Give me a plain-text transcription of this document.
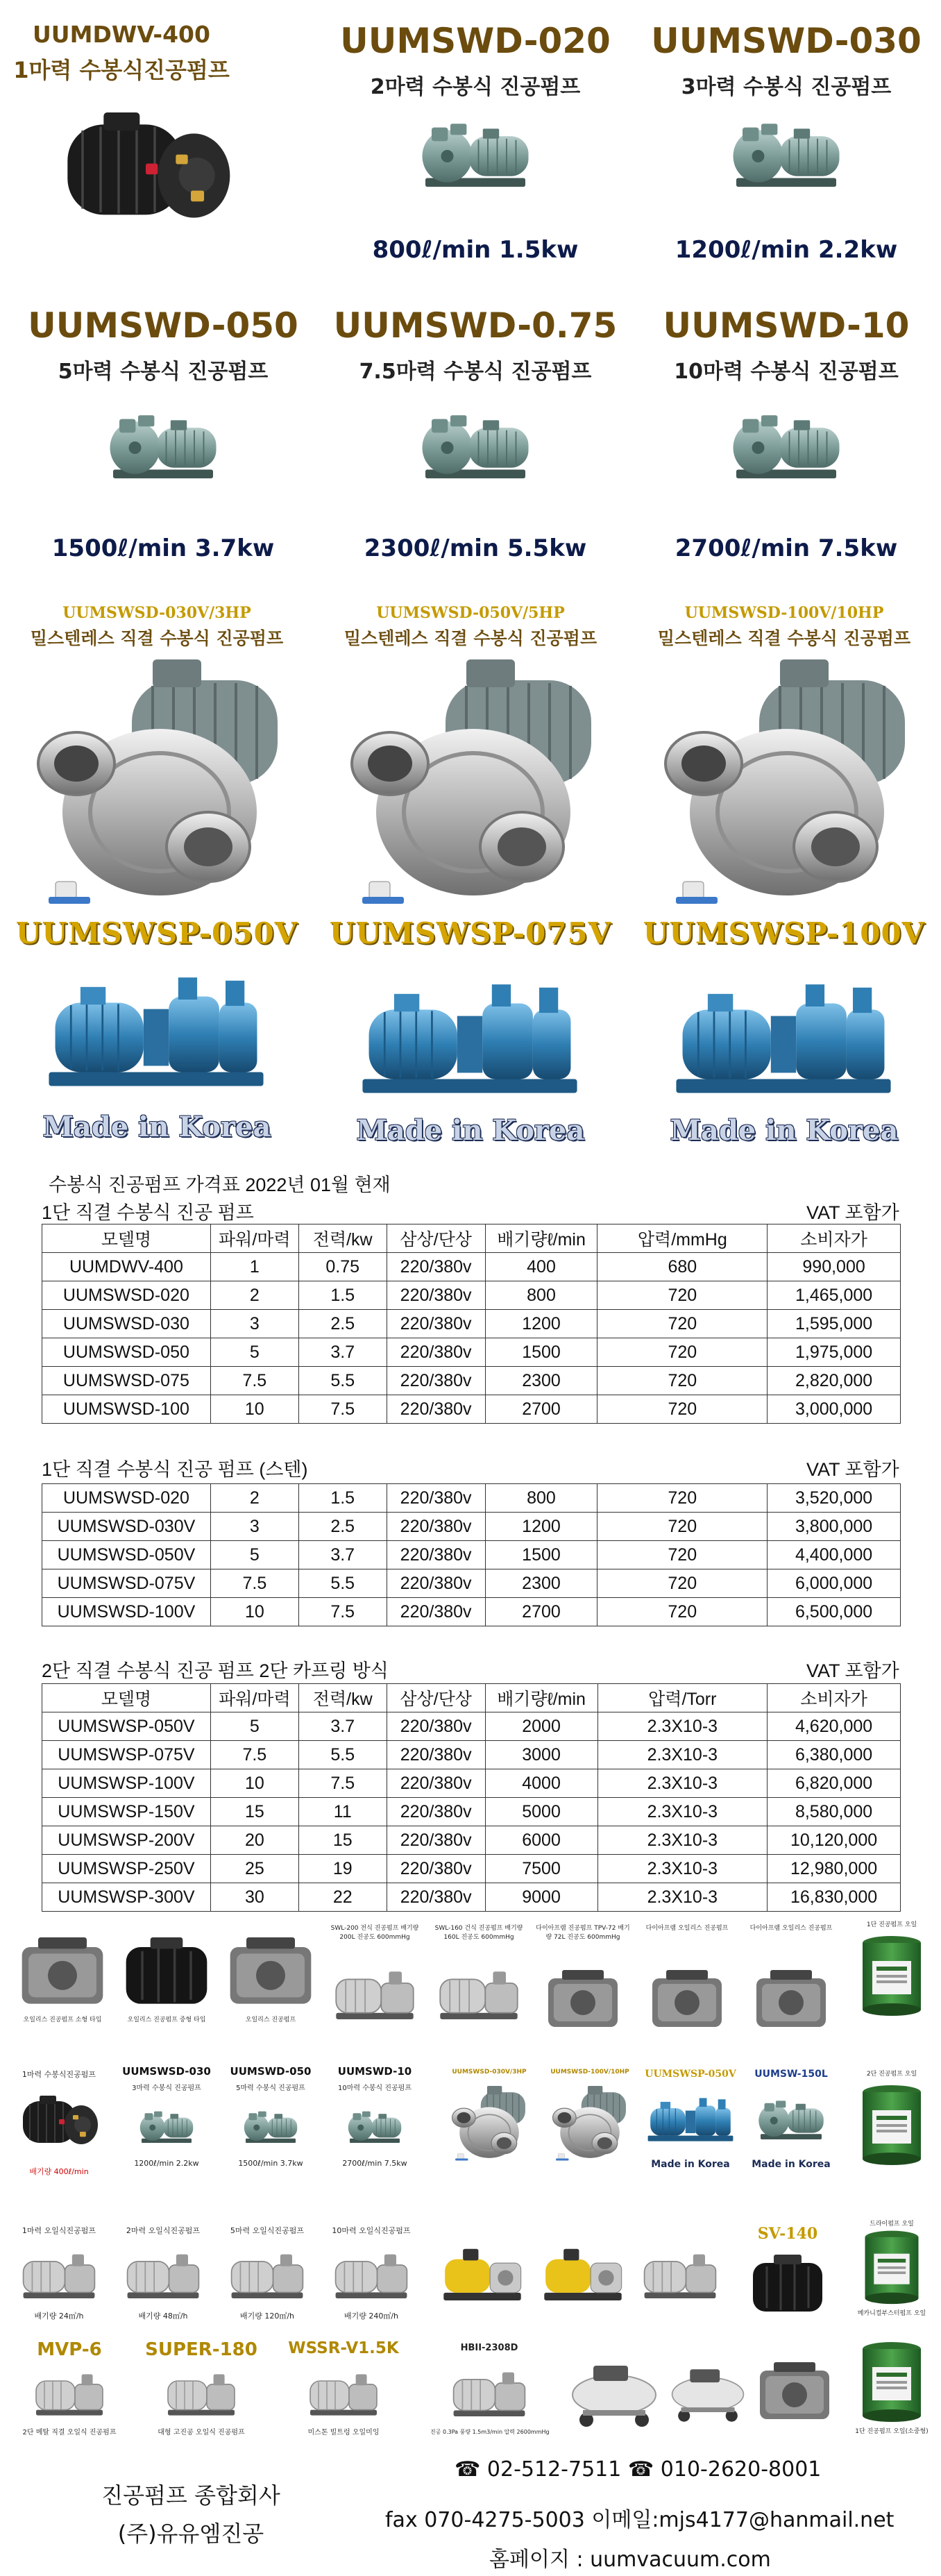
UUMDWV-400
1마력 수봉식진공펌프
UUMSWD-020
2마력 수봉식 진공펌프
800ℓ/min 1.5kw
UUMSWD-030
3마력 수봉식 진공펌프
1200ℓ/min 2.2kw
UUMSWD-050
5마력 수봉식 진공펌프
1500ℓ/min 3.7kw
UUMSWD-0.75
7.5마력 수봉식 진공펌프
2300ℓ/min 5.5kw
UUMSWD-10
10마력 수봉식 진공펌프
2700ℓ/min 7.5kw
UUMSWSD-030V/3HP
밀스텐레스 직결 수봉식 진공펌프
UUMSWSD-050V/5HP
밀스텐레스 직결 수봉식 진공펌프
UUMSWSD-100V/10HP
밀스텐레스 직결 수봉식 진공펌프
UUMSWSP-050V
Made in Korea
UUMSWSP-075V
Made in Korea
UUMSWSP-100V
Made in Korea
수봉식 진공펌프 가격표 2022년 01월 현재
1단 직결 수봉식 진공 펌프	VAT 포함가
모델명	파워/마력	전력/kw	삼상/단상	배기량ℓ/min	압력/mmHg	소비자가
UUMDWV-400	1	0.75	220/380v	400	680	990,000
UUMSWSD-020	2	1.5	220/380v	800	720	1,465,000
UUMSWSD-030	3	2.5	220/380v	1200	720	1,595,000
UUMSWSD-050	5	3.7	220/380v	1500	720	1,975,000
UUMSWSD-075	7.5	5.5	220/380v	2300	720	2,820,000
UUMSWSD-100	10	7.5	220/380v	2700	720	3,000,000
1단 직결 수봉식 진공 펌프 (스텐)	VAT 포함가
UUMSWSD-020	2	1.5	220/380v	800	720	3,520,000
UUMSWSD-030V	3	2.5	220/380v	1200	720	3,800,000
UUMSWSD-050V	5	3.7	220/380v	1500	720	4,400,000
UUMSWSD-075V	7.5	5.5	220/380v	2300	720	6,000,000
UUMSWSD-100V	10	7.5	220/380v	2700	720	6,500,000
2단 직결 수봉식 진공 펌프 2단 카프링 방식	VAT 포함가
모델명	파워/마력	전력/kw	삼상/단상	배기량ℓ/min	압력/Torr	소비자가
UUMSWSP-050V	5	3.7	220/380v	2000	2.3X10-3	4,620,000
UUMSWSP-075V	7.5	5.5	220/380v	3000	2.3X10-3	6,380,000
UUMSWSP-100V	10	7.5	220/380v	4000	2.3X10-3	6,820,000
UUMSWSP-150V	15	11	220/380v	5000	2.3X10-3	8,580,000
UUMSWSP-200V	20	15	220/380v	6000	2.3X10-3	10,120,000
UUMSWSP-250V	25	19	220/380v	7500	2.3X10-3	12,980,000
UUMSWSP-300V	30	22	220/380v	9000	2.3X10-3	16,830,000
오일리스 진공펌프 소형 타입	오일리스 진공펌프 중형 타입	오일리스 진공펌프
SWL-200 전식 진공펌프 배기량 200L 진공도 600mmHg
SWL-160 건식 진공펌프 배기량 160L 진공도 600mmHg
다이아프램 진공펌프 TPV-72 배기량 72L 진공도 600mmHg
다이아프램 오일리스 진공펌프	다이아프램 오일리스 진공펌프	1단 진공펌프 오일
1마력 수봉식진공펌프
배기량 400ℓ/min
UUMSWSD-030
3마력 수봉식 진공펌프
1200ℓ/min 2.2kw
UUMSWD-050
5마력 수봉식 진공펌프
1500ℓ/min 3.7kw
UUMSWD-10
10마력 수봉식 진공펌프
2700ℓ/min 7.5kw
UUMSWSD-030V/3HP	UUMSWSD-100V/10HP	UUMSWSP-050V
Made in Korea
UUMSW-150L
Made in Korea
2단 진공펌프 오일
1마력 오일식진공펌프
배기량 24㎥/h
2마력 오일식진공펌프
배기량 48㎥/h
5마력 오일식진공펌프
배기량 120㎥/h
10마력 오일식진공펌프
배기량 240㎥/h
SV-140
드라이펌프 오일
메카니컬부스터펌프 오일
MVP-6
2단 메탈 직결 오일식 진공펌프
SUPER-180
대형 고진공 오일식 진공펌프
WSSR-V1.5K
미스톤 빌트렁 오일미잉
HBII-2308D
진공 0.3Pa 풍량 1.5m3/min 압력 2600mmHg	1단 진공펌프 오일(소중형)
진공펌프 종합회사
(주)유유엠진공
☎ 02-512-7511 ☎ 010-2620-8001
fax 070-4275-5003 이메일:mjs4177@hanmail.net
홈페이지 : uumvacuum.com
